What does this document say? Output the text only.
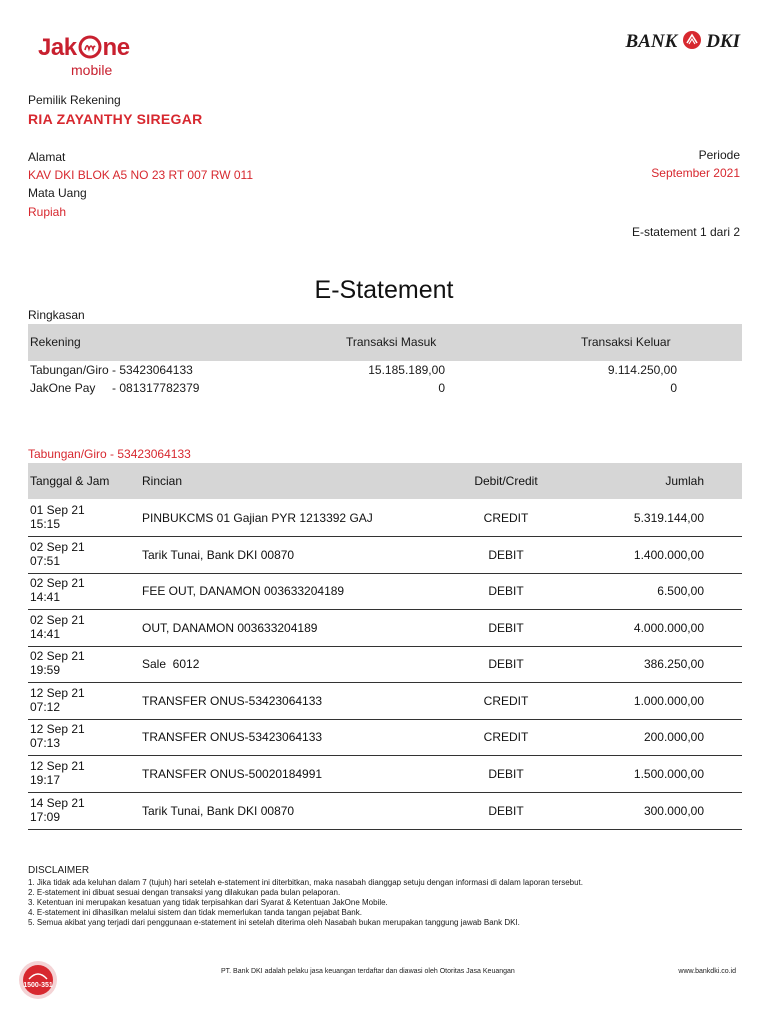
Jak ne
mobile
BANK DKI
Pemilik Rekening
RIA ZAYANTHY SIREGAR
Alamat
KAV DKI BLOK A5 NO 23 RT 007 RW 011
Mata Uang
Rupiah
Periode
September 2021
E-statement 1 dari 2
E-Statement
Ringkasan
Rekening	Transaksi Masuk	Transaksi Keluar
Tabungan/Giro - 53423064133	15.185.189,00	9.114.250,00
JakOne Pay     - 081317782379	0	0
Tabungan/Giro - 53423064133
Tanggal & Jam	Rincian	Debit/Credit	Jumlah
01 Sep 21
15:15	PINBUKCMS 01 Gajian PYR 1213392 GAJ	CREDIT	5.319.144,00
02 Sep 21
07:51	Tarik Tunai, Bank DKI 00870	DEBIT	1.400.000,00
02 Sep 21
14:41	FEE OUT, DANAMON 003633204189	DEBIT	6.500,00
02 Sep 21
14:41	OUT, DANAMON 003633204189	DEBIT	4.000.000,00
02 Sep 21
19:59	Sale  6012	DEBIT	386.250,00
12 Sep 21
07:12	TRANSFER ONUS-53423064133	CREDIT	1.000.000,00
12 Sep 21
07:13	TRANSFER ONUS-53423064133	CREDIT	200.000,00
12 Sep 21
19:17	TRANSFER ONUS-50020184991	DEBIT	1.500.000,00
14 Sep 21
17:09	Tarik Tunai, Bank DKI 00870	DEBIT	300.000,00
DISCLAIMER
1. Jika tidak ada keluhan dalam 7 (tujuh) hari setelah e-statement ini diterbitkan, maka nasabah dianggap setuju dengan informasi di dalam laporan tersebut.
2. E-statement ini dibuat sesuai dengan transaksi yang dilakukan pada bulan pelaporan.
3. Ketentuan ini merupakan kesatuan yang tidak terpisahkan dari Syarat & Ketentuan JakOne Mobile.
4. E-statement ini dihasilkan melalui sistem dan tidak memerlukan tanda tangan pejabat Bank.
5. Semua akibat yang terjadi dari penggunaan e-statement ini setelah diterima oleh Nasabah bukan merupakan tanggung jawab Bank DKI.
1500-351
PT. Bank DKI adalah pelaku jasa keuangan terdaftar dan diawasi oleh Otoritas Jasa Keuangan	www.bankdki.co.id
